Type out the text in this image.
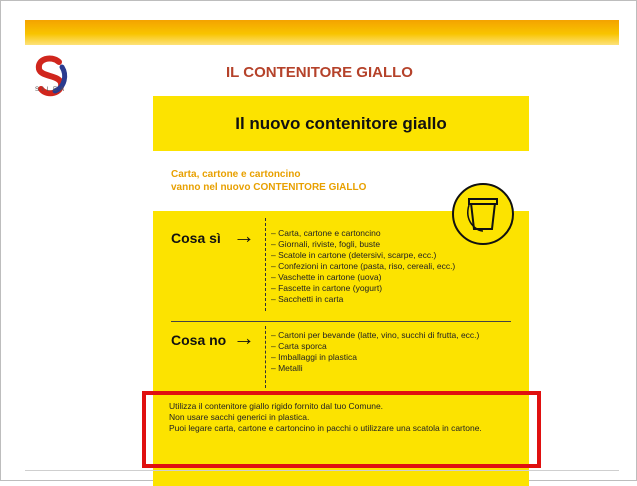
SILEA
IL CONTENITORE GIALLO
Il nuovo contenitore giallo
Carta, cartone e cartoncino
vanno nel nuovo CONTENITORE GIALLO
Cosa sì →	– Carta, cartone e cartoncino
– Giornali, riviste, fogli, buste
– Scatole in cartone (detersivi, scarpe, ecc.)
– Confezioni in cartone (pasta, riso, cereali, ecc.)
– Vaschette in cartone (uova)
– Fascette in cartone (yogurt)
– Sacchetti in carta
Cosa no →	– Cartoni per bevande (latte, vino, succhi di frutta, ecc.)
– Carta sporca
– Imballaggi in plastica
– Metalli
Utilizza il contenitore giallo rigido fornito dal tuo Comune.
Non usare sacchi generici in plastica.
Puoi legare carta, cartone e cartoncino in pacchi o utilizzare una scatola in cartone.
